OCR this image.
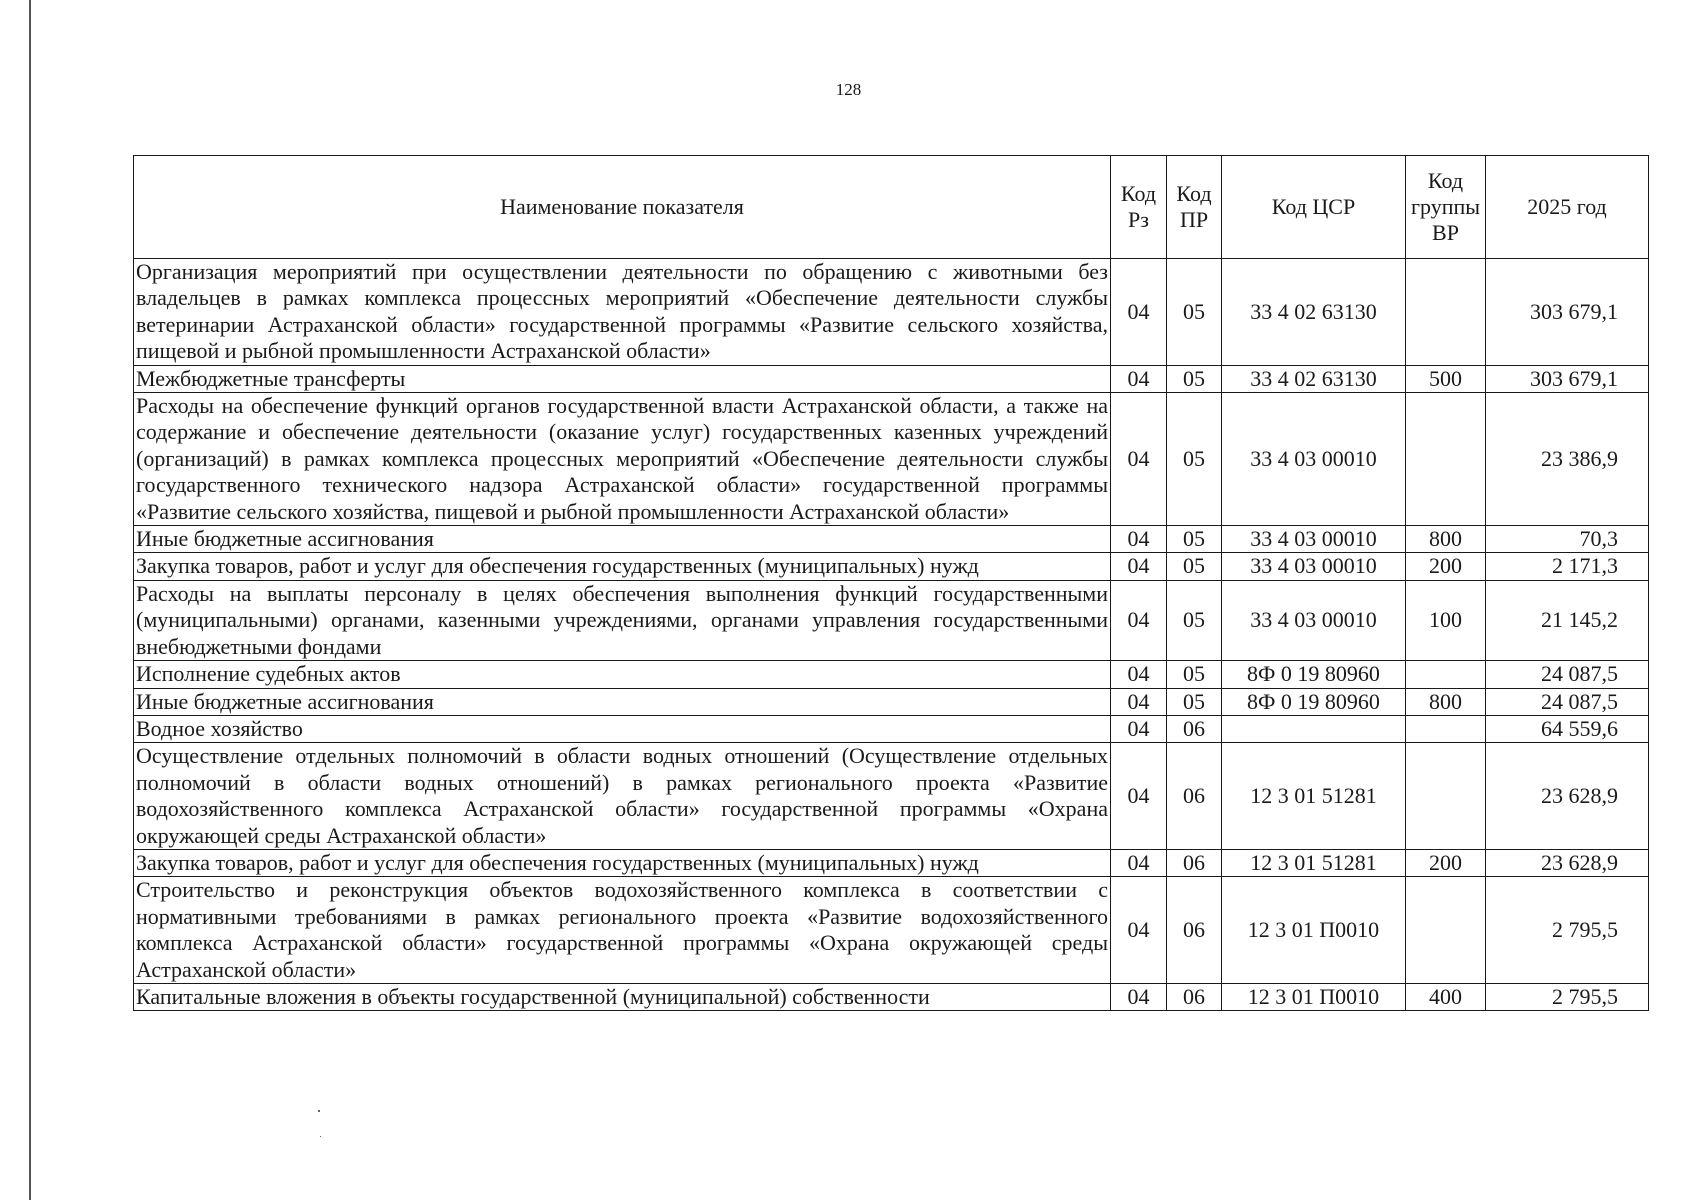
128
Наименование показателя	Код Рз	Код ПР	Код ЦСР	Код группы ВР	2025 год
Организация мероприятий при осуществлении деятельности по обращению с животными без владельцев в рамках комплекса процессных мероприятий «Обеспечение деятельности службы ветеринарии Астраханской области» государственной программы «Развитие сельского хозяйства, пищевой и рыбной промышленности Астраханской области»	04	05	33 4 02 63130		303 679,1
Межбюджетные трансферты	04	05	33 4 02 63130	500	303 679,1
Расходы на обеспечение функций органов государственной власти Астраханской области, а также на содержание и обеспечение деятельности (оказание услуг) государственных казенных учреждений (организаций) в рамках комплекса процессных мероприятий «Обеспечение деятельности службы государственного технического надзора Астраханской области» государственной программы «Развитие сельского хозяйства, пищевой и рыбной промышленности Астраханской области»	04	05	33 4 03 00010		23 386,9
Иные бюджетные ассигнования	04	05	33 4 03 00010	800	70,3
Закупка товаров, работ и услуг для обеспечения государственных (муниципальных) нужд	04	05	33 4 03 00010	200	2 171,3
Расходы на выплаты персоналу в целях обеспечения выполнения функций государственными (муниципальными) органами, казенными учреждениями, органами управления государственными внебюджетными фондами	04	05	33 4 03 00010	100	21 145,2
Исполнение судебных актов	04	05	8Ф 0 19 80960		24 087,5
Иные бюджетные ассигнования	04	05	8Ф 0 19 80960	800	24 087,5
Водное хозяйство	04	06			64 559,6
Осуществление отдельных полномочий в области водных отношений (Осуществление отдельных полномочий в области водных отношений) в рамках регионального проекта «Развитие водохозяйственного комплекса Астраханской области» государственной программы «Охрана окружающей среды Астраханской области»	04	06	12 3 01 51281		23 628,9
Закупка товаров, работ и услуг для обеспечения государственных (муниципальных) нужд	04	06	12 3 01 51281	200	23 628,9
Строительство и реконструкция объектов водохозяйственного комплекса в соответствии с нормативными требованиями в рамках регионального проекта «Развитие водохозяйственного комплекса Астраханской области» государственной программы «Охрана окружающей среды Астраханской области»	04	06	12 3 01 П0010		2 795,5
Капитальные вложения в объекты государственной (муниципальной) собственности	04	06	12 3 01 П0010	400	2 795,5
